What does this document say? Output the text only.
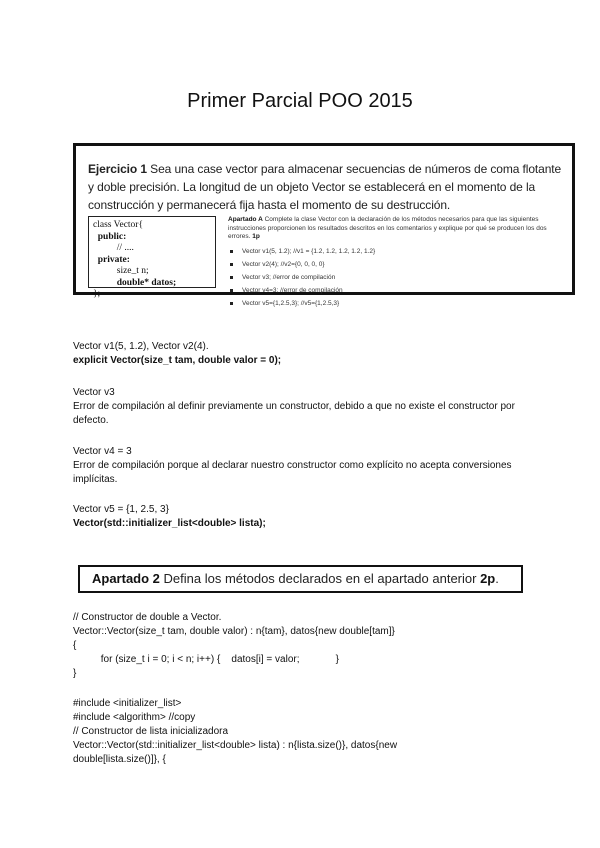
Primer Parcial POO 2015
Ejercicio 1 Sea una case vector para almacenar secuencias de números de coma flotante y doble precisión. La longitud de un objeto Vector se establecerá en el momento de la construcción y permanecerá fija hasta el momento de su destrucción.
class Vector{
public:
// ....
private:
size_t n;
double* datos;
};
Apartado A Complete la clase Vector con la declaración de los métodos necesarios para que las siguientes instrucciones proporcionen los resultados descritos en los comentarios y explique por qué se producen los dos errores. 1p
Vector v1(5, 1.2); //v1 = {1.2, 1.2, 1.2, 1.2, 1.2}
Vector v2(4); //v2={0, 0, 0, 0}
Vector v3; //error de compilación
Vector v4=3; //error de compilación
Vector v5={1,2.5,3}; //v5={1,2.5,3}

Vector v1(5, 1.2), Vector v2(4).

explicit Vector(size_t tam, double valor = 0);

Vector v3

Error de compilación al definir previamente un constructor, debido a que no existe el constructor por defecto.

Vector v4 = 3

Error de compilación porque al declarar nuestro constructor como explícito no acepta conversiones implícitas.

Vector v5 = {1, 2.5, 3}

Vector(std::initializer_list<double> lista);

Apartado 2 Defina los métodos declarados en el apartado anterior 2p.
// Constructor de double a Vector.
Vector::Vector(size_t tam, double valor) : n{tam}, datos{new double[tam]}
{
for (size_t i = 0; i < n; i++) {    datos[i] = valor;             }
}
#include <initializer_list>
#include <algorithm> //copy
// Constructor de lista inicializadora
Vector::Vector(std::initializer_list<double> lista) : n{lista.size()}, datos{new
double[lista.size()]}, {
